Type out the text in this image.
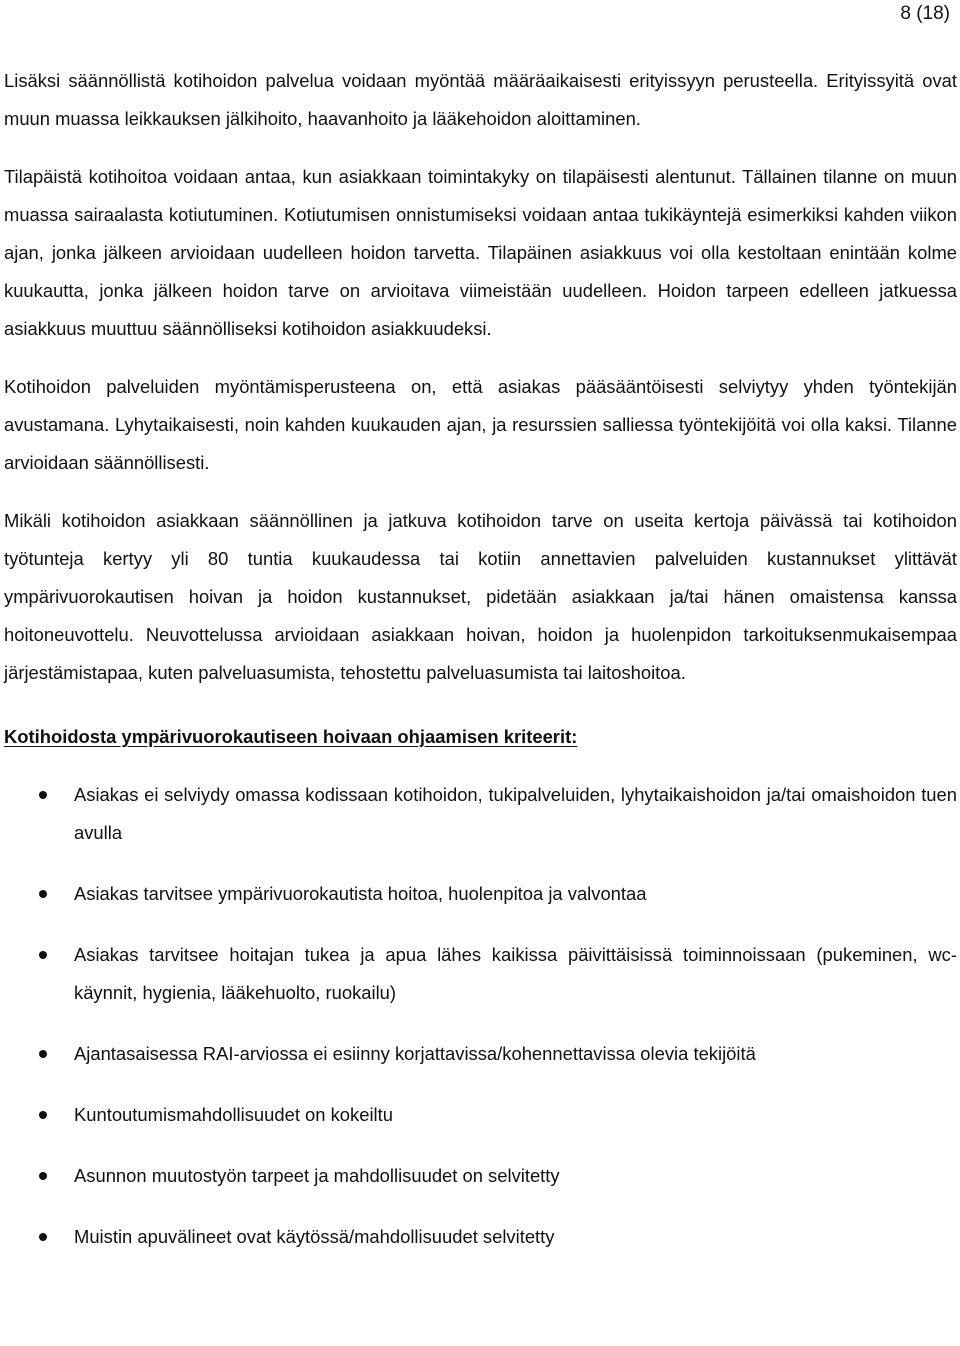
8 (18)

Lisäksi säännöllistä kotihoidon palvelua voidaan myöntää määräaikaisesti erityissyyn perusteella. Erityissyitä ovat muun muassa leikkauksen jälkihoito, haavanhoito ja lääkehoidon aloittaminen.

Tilapäistä kotihoitoa voidaan antaa, kun asiakkaan toimintakyky on tilapäisesti alentunut. Tällainen tilanne on muun muassa sairaalasta kotiutuminen. Kotiutumisen onnistumiseksi voidaan antaa tukikäyntejä esimerkiksi kahden viikon ajan, jonka jälkeen arvioidaan uudelleen hoidon tarvetta. Tilapäinen asiakkuus voi olla kestoltaan enintään kolme kuukautta, jonka jälkeen hoidon tarve on arvioitava viimeistään uudelleen. Hoidon tarpeen edelleen jatkuessa asiakkuus muuttuu säännölliseksi kotihoidon asiakkuudeksi.

Kotihoidon palveluiden myöntämisperusteena on, että asiakas pääsääntöisesti selviytyy yhden työntekijän avustamana. Lyhytaikaisesti, noin kahden kuukauden ajan, ja resurssien salliessa työntekijöitä voi olla kaksi. Tilanne arvioidaan säännöllisesti.

Mikäli kotihoidon asiakkaan säännöllinen ja jatkuva kotihoidon tarve on useita kertoja päivässä tai kotihoidon työtunteja kertyy yli 80 tuntia kuukaudessa tai kotiin annettavien palveluiden kustannukset ylittävät ympärivuorokautisen hoivan ja hoidon kustannukset, pidetään asiakkaan ja/tai hänen omaistensa kanssa hoitoneuvottelu. Neuvottelussa arvioidaan asiakkaan hoivan, hoidon ja huolenpidon tarkoituksenmukaisempaa järjestämistapaa, kuten palveluasumista, tehostettu palveluasumista tai laitoshoitoa.

Kotihoidosta ympärivuorokautiseen hoivaan ohjaamisen kriteerit:
Asiakas ei selviydy omassa kodissaan kotihoidon, tukipalveluiden, lyhytaikaishoidon ja/tai omaishoidon tuen avulla
Asiakas tarvitsee ympärivuorokautista hoitoa, huolenpitoa ja valvontaa
Asiakas tarvitsee hoitajan tukea ja apua lähes kaikissa päivittäisissä toiminnoissaan (pukeminen, wc-käynnit, hygienia, lääkehuolto, ruokailu)
Ajantasaisessa RAI-arviossa ei esiinny korjattavissa/kohennettavissa olevia tekijöitä
Kuntoutumismahdollisuudet on kokeiltu
Asunnon muutostyön tarpeet ja mahdollisuudet on selvitetty
Muistin apuvälineet ovat käytössä/mahdollisuudet selvitetty
